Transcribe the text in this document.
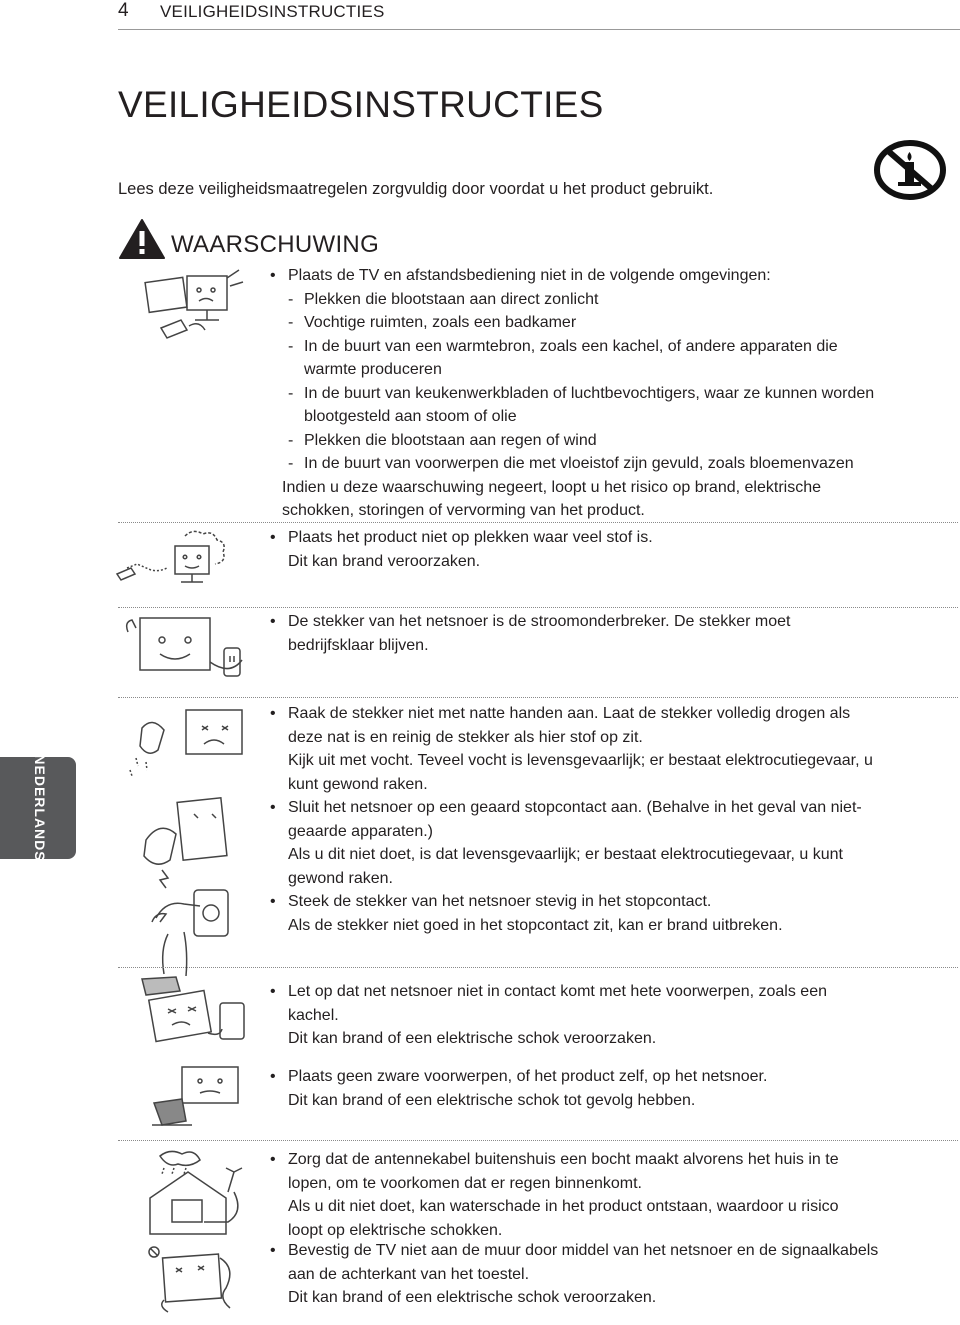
4 VEILIGHEIDSINSTRUCTIES
VEILIGHEIDSINSTRUCTIES
Lees deze veiligheidsmaatregelen zorgvuldig door voordat u het product gebruikt.
WAARSCHUWING
• Plaats de TV en afstandsbediening niet in de volgende omgevingen:
- Plekken die blootstaan aan direct zonlicht
- Vochtige ruimten, zoals een badkamer
- In de buurt van een warmtebron, zoals een kachel, of andere apparaten die
warmte produceren
- In de buurt van keukenwerkbladen of luchtbevochtigers, waar ze kunnen worden
blootgesteld aan stoom of olie
- Plekken die blootstaan aan regen of wind
- In de buurt van voorwerpen die met vloeistof zijn gevuld, zoals bloemenvazen
Indien u deze waarschuwing negeert, loopt u het risico op brand, elektrische
schokken, storingen of vervorming van het product.
• Plaats het product niet op plekken waar veel stof is.
Dit kan brand veroorzaken.
• De stekker van het netsnoer is de stroomonderbreker. De stekker moet
bedrijfsklaar blijven.
• Raak de stekker niet met natte handen aan. Laat de stekker volledig drogen als
deze nat is en reinig de stekker als hier stof op zit.
Kijk uit met vocht. Teveel vocht is levensgevaarlijk; er bestaat elektrocutiegevaar, u
kunt gewond raken.
• Sluit het netsnoer op een geaard stopcontact aan. (Behalve in het geval van niet-
geaarde apparaten.)
Als u dit niet doet, is dat levensgevaarlijk; er bestaat elektrocutiegevaar, u kunt
gewond raken.
• Steek de stekker van het netsnoer stevig in het stopcontact.
Als de stekker niet goed in het stopcontact zit, kan er brand uitbreken.
• Let op dat net netsnoer niet in contact komt met hete voorwerpen, zoals een
kachel.
Dit kan brand of een elektrische schok veroorzaken.
• Plaats geen zware voorwerpen, of het product zelf, op het netsnoer.
Dit kan brand of een elektrische schok tot gevolg hebben.
• Zorg dat de antennekabel buitenshuis een bocht maakt alvorens het huis in te
lopen, om te voorkomen dat er regen binnenkomt.
Als u dit niet doet, kan waterschade in het product ontstaan, waardoor u risico
loopt op elektrische schokken.
• Bevestig de TV niet aan de muur door middel van het netsnoer en de signaalkabels
aan de achterkant van het toestel.
Dit kan brand of een elektrische schok veroorzaken.
NEDERLANDS
